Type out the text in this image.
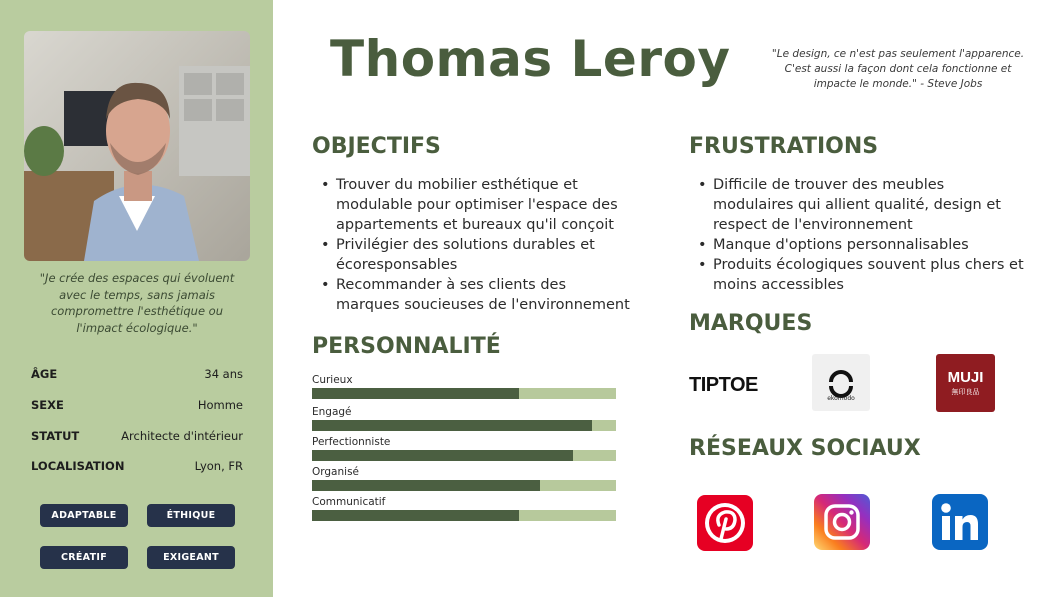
"Je crée des espaces qui évoluent avec le temps, sans jamais compromettre l'esthétique ou l'impact écologique."
ÂGE	34 ans
SEXE	Homme
STATUT	Architecte d'intérieur
LOCALISATION	Lyon, FR
ADAPTABLE	ÉTHIQUE
CRÉATIF	EXIGEANT
Thomas Leroy	"Le design, ce n'est pas seulement l'apparence. C'est aussi la façon dont cela fonctionne et impacte le monde." - Steve Jobs

OBJECTIFS
• Trouver du mobilier esthétique et modulable pour optimiser l'espace des appartements et bureaux qu'il conçoit
• Privilégier des solutions durables et écoresponsables
• Recommander à ses clients des marques soucieuses de l'environnement
FRUSTRATIONS
• Difficile de trouver des meubles modulaires qui allient qualité, design et respect de l'environnement
• Manque d'options personnalisables
• Produits écologiques souvent plus chers et moins accessibles
PERSONNALITÉ
Curieux
Engagé
Perfectionniste
Organisé
Communicatif
MARQUES
TIPTOE
ekomodo
MUJI
無印良品
RÉSEAUX SOCIAUX
